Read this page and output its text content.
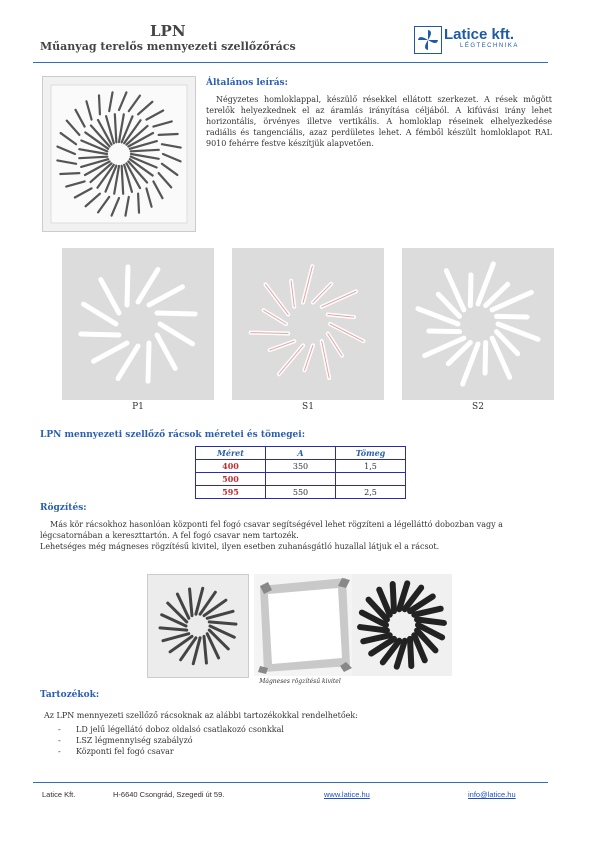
LPN
Műanyag terelős mennyezeti szellőzőrács
Latice kft.
LÉGTECHNIKA
Általános leírás:
Négyzetes homloklappal, készülő résekkel ellátott szerkezet. A rések mögött terelők helyezkednek el az áramlás irányítása céljából. A kifúvási irány lehet horizontális, örvényes illetve vertikális. A homloklap réseinek elhelyezkedése radiális és tangenciális, azaz perdületes lehet. A fémből készült homloklapot RAL 9010 fehérre festve készítjük alapvetően.
P1	S1	S2
LPN mennyezeti szellőző rácsok méretei és tömegei:
Méret	A	Tömeg
400	350	1,5
500		
595	550	2,5
Rögzítés:

Más kör rácsokhoz hasonlóan központi fel fogó csavar segítségével lehet rögzíteni a légelláttó dobozban vagy a légcsatornában a kereszttartón. A fel fogó csavar nem tartozék.

Lehetséges még mágneses rögzítésű kivitel, ilyen esetben zuhanásgátló huzallal látjuk el a rácsot.

Mágneses rögzítésű kivitel
Tartozékok:
Az LPN mennyezeti szellőző rácsoknak az alábbi tartozékokkal rendelhetőek:
- LD jelű légellátó doboz oldalsó csatlakozó csonkkal
- LSZ légmennyiség szabályzó
- Központi fel fogó csavar
Latice Kft.	H-6640 Csongrád, Szegedi út 59.	www.latice.hu	info@latice.hu
